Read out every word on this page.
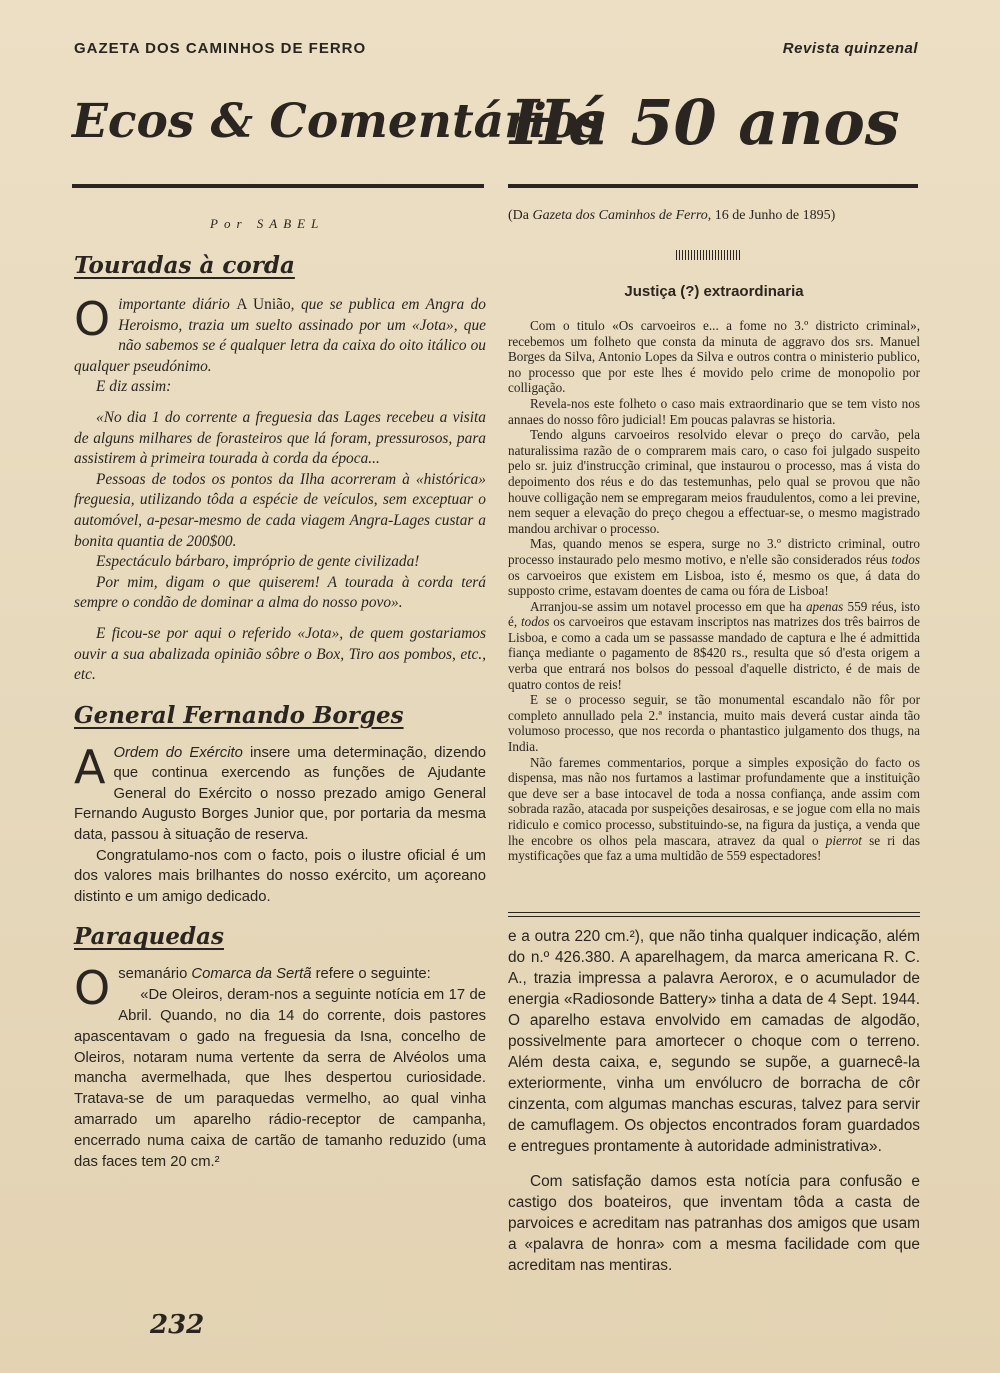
GAZETA DOS CAMINHOS DE FERRO	Revista quinzenal
Ecos & Comentários
Há 50 anos
Por SABEL
(Da Gazeta dos Caminhos de Ferro, 16 de Junho de 1895)
Justiça (?) extraordinaria
Touradas à corda

O importante diário A União, que se publica em Angra do Heroismo, trazia um suelto assinado por um «Jota», que não sabemos se é qualquer letra da caixa do oito itálico ou qualquer pseudónimo.

E diz assim:

«No dia 1 do corrente a freguesia das Lages recebeu a visita de alguns milhares de forasteiros que lá foram, pressurosos, para assistirem à primeira tourada à corda da época...

Pessoas de todos os pontos da Ilha acorreram à «histórica» freguesia, utilizando tôda a espécie de veículos, sem exceptuar o automóvel, a-pesar-mesmo de cada viagem Angra-Lages custar a bonita quantia de 200$00.

Espectáculo bárbaro, impróprio de gente civilizada!

Por mim, digam o que quiserem! A tourada à corda terá sempre o condão de dominar a alma do nosso povo».

E ficou-se por aqui o referido «Jota», de quem gostariamos ouvir a sua abalizada opinião sôbre o Box, Tiro aos pombos, etc., etc.

General Fernando Borges

A Ordem do Exército insere uma determinação, dizendo que continua exercendo as funções de Ajudante General do Exército o nosso prezado amigo General Fernando Augusto Borges Junior que, por portaria da mesma data, passou à situação de reserva.

Congratulamo-nos com o facto, pois o ilustre oficial é um dos valores mais brilhantes do nosso exército, um açoreano distinto e um amigo dedicado.

Paraquedas

Osemanário Comarca da Sertã refere o seguinte:

«De Oleiros, deram-nos a seguinte notícia em 17 de Abril. Quando, no dia 14 do corrente, dois pastores apascentavam o gado na freguesia da Isna, concelho de Oleiros, notaram numa vertente da serra de Alvéolos uma mancha avermelhada, que lhes despertou curiosidade. Tratava-se de um paraquedas vermelho, ao qual vinha amarrado um aparelho rádio-receptor de campanha, encerrado numa caixa de cartão de tamanho reduzido (uma das faces tem 20 cm.²

Com o titulo «Os carvoeiros e... a fome no 3.º districto criminal», recebemos um folheto que consta da minuta de aggravo dos srs. Manuel Borges da Silva, Antonio Lopes da Silva e outros contra o ministerio publico, no processo que por este lhes é movido pelo crime de monopolio por colligação.

Revela-nos este folheto o caso mais extraordinario que se tem visto nos annaes do nosso fôro judicial! Em poucas palavras se historia.

Tendo alguns carvoeiros resolvido elevar o preço do carvão, pela naturalissima razão de o comprarem mais caro, o caso foi julgado suspeito pelo sr. juiz d'instrucção criminal, que instaurou o processo, mas á vista do depoimento dos réus e do das testemunhas, pelo qual se provou que não houve colligação nem se empregaram meios fraudulentos, como a lei previne, nem sequer a elevação do preço chegou a effectuar-se, o mesmo magistrado mandou archivar o processo.

Mas, quando menos se espera, surge no 3.º districto criminal, outro processo instaurado pelo mesmo motivo, e n'elle são considerados réus todos os carvoeiros que existem em Lisboa, isto é, mesmo os que, á data do supposto crime, estavam doentes de cama ou fóra de Lisboa!

Arranjou-se assim um notavel processo em que ha apenas 559 réus, isto é, todos os carvoeiros que estavam inscriptos nas matrizes dos três bairros de Lisboa, e como a cada um se passasse mandado de captura e lhe é admittida fiança mediante o pagamento de 8$420 rs., resulta que só d'esta origem a verba que entrará nos bolsos do pessoal d'aquelle districto, é de mais de quatro contos de reis!

E se o processo seguir, se tão monumental escandalo não fôr por completo annullado pela 2.ª instancia, muito mais deverá custar ainda tão volumoso processo, que nos recorda o phantastico julgamento dos thugs, na India.

Não faremes commentarios, porque a simples exposição do facto os dispensa, mas não nos furtamos a lastimar profundamente que a instituição que deve ser a base intocavel de toda a nossa confiança, ande assim com sobrada razão, atacada por suspeições desairosas, e se jogue com ella no mais ridiculo e comico processo, substituindo-se, na figura da justiça, a venda que lhe encobre os olhos pela mascara, atravez da qual o pierrot se ri das mystificações que faz a uma multidão de 559 espectadores!

e a outra 220 cm.²), que não tinha qualquer indicação, além do n.º 426.380. A aparelhagem, da marca americana R. C. A., trazia impressa a palavra Aerorox, e o acumulador de energia «Radiosonde Battery» tinha a data de 4 Sept. 1944. O aparelho estava envolvido em camadas de algodão, possivelmente para amortecer o choque com o terreno. Além desta caixa, e, segundo se supõe, a guarnecê-la exteriormente, vinha um envólucro de borracha de côr cinzenta, com algumas manchas escuras, talvez para servir de camuflagem. Os objectos encontrados foram guardados e entregues prontamente à autoridade administrativa».

Com satisfação damos esta notícia para confusão e castigo dos boateiros, que inventam tôda a casta de parvoices e acreditam nas patranhas dos amigos que usam a «palavra de honra» com a mesma facilidade com que acreditam nas mentiras.

232
